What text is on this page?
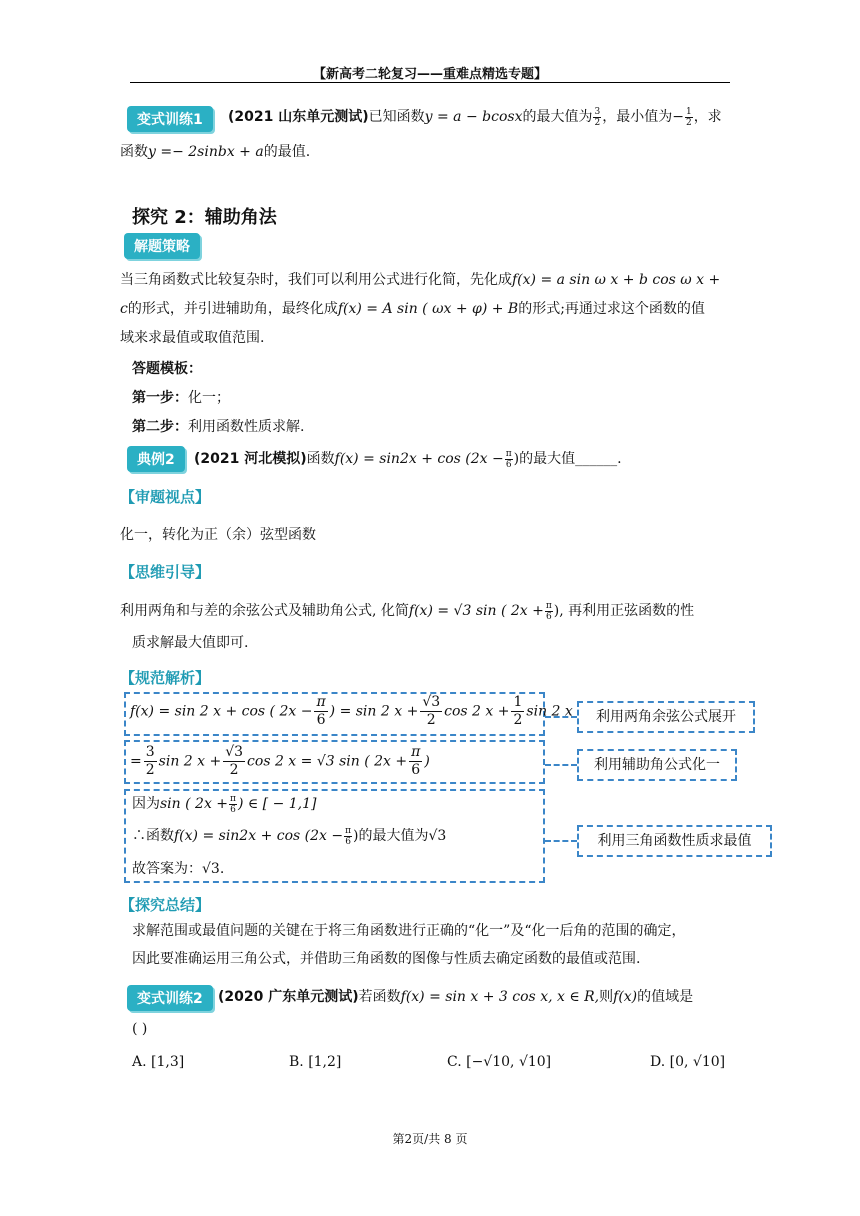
【新高考二轮复习——重难点精选专题】
变式训练1	(2021 山东单元测试)已知函数y = a − bcosx的最大值为 $\frac{3}{2}$ ，最小值为− $\frac{1}{2}$ ，求
函数y =− 2sinbx + a的最值.
探究 2：辅助角法
解题策略
当三角函数式比较复杂时，我们可以利用公式进行化简，先化成f(x) = a sin ω x + b cos ω x +
c的形式，并引进辅助角，最终化成f(x) = A sin ( ωx + φ) + B的形式;再通过求这个函数的值
域来求最值或取值范围.
答题模板：
第一步：化一；
第二步：利用函数性质求解.
典例2	(2021 河北模拟)函数$f(x) = \sin 2x + \cos (2x - \frac{\pi}{6}$ )的最大值______.
【审题视点】
化一，转化为正（余）弦型函数
【思维引导】
利用两角和与差的余弦公式及辅助角公式, 化简f(x) = √3 sin ( $2x + \frac{\pi}{6}$ ), 再利用正弦函数的性
质求解最大值即可.
【规范解析】
f(x) = sin 2 x + cos ( $2x - \frac{\pi}{6}$ ) = sin 2 $x + \frac{√3}{2}$ cos 2 $x + \frac{1}{2}$ sin 2 x	利用两角余弦公式展开
= $\frac{3}{2}$ sin 2 $x + \frac{√3}{2}$ cos 2 x = √3 sin ( $2x + \frac{\pi}{6}$ )	利用辅助角公式化一
因为sin ( $2x + \frac{\pi}{6}$ ) ∈ [ − 1,1]
∴函数$f(x) = \sin 2x + \cos (2x - \frac{\pi}{6}$ )的最大值为√3
故答案为：√3.
利用三角函数性质求最值
【探究总结】
求解范围或最值问题的关键在于将三角函数进行正确的“化一”及“化一后角的范围的确定，
因此要准确运用三角公式，并借助三角函数的图像与性质去确定函数的最值或范围.
变式训练2	(2020 广东单元测试)若函数f(x) = sin x + 3 cos x, x ∈ R,则f(x)的值域是
( )
A. [1,3]	B. [1,2]	C. [−√10, √10]	D. [0, √10]
第2页/共 8 页
